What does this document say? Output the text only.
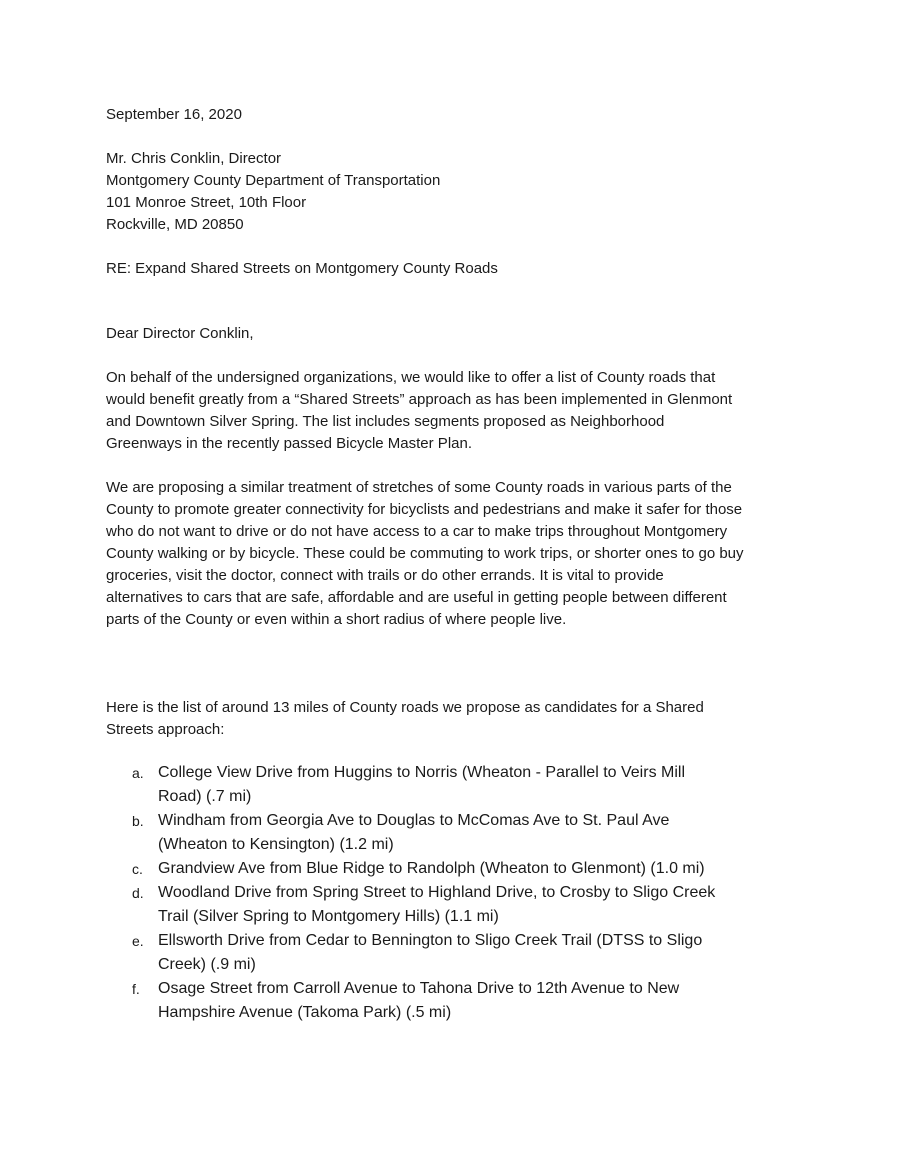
September 16, 2020
Mr. Chris Conklin, Director
Montgomery County Department of Transportation
101 Monroe Street, 10th Floor
Rockville, MD 20850
RE: Expand Shared Streets on Montgomery County Roads
Dear Director Conklin,
On behalf of the undersigned organizations, we would like to offer a list of County roads that
would benefit greatly from a “Shared Streets” approach as has been implemented in Glenmont
and Downtown Silver Spring. The list includes segments proposed as Neighborhood
Greenways in the recently passed Bicycle Master Plan.
We are proposing a similar treatment of stretches of some County roads in various parts of the
County to promote greater connectivity for bicyclists and pedestrians and make it safer for those
who do not want to drive or do not have access to a car to make trips throughout Montgomery
County walking or by bicycle. These could be commuting to work trips, or shorter ones to go buy
groceries, visit the doctor, connect with trails or do other errands. It is vital to provide
alternatives to cars that are safe, affordable and are useful in getting people between different
parts of the County or even within a short radius of where people live.
Here is the list of around 13 miles of County roads we propose as candidates for a Shared
Streets approach:
a. College View Drive from Huggins to Norris (Wheaton - Parallel to Veirs Mill
Road) (.7 mi)
b. Windham from Georgia Ave to Douglas to McComas Ave to St. Paul Ave
(Wheaton to Kensington) (1.2 mi)
c. Grandview Ave from Blue Ridge to Randolph (Wheaton to Glenmont) (1.0 mi)
d. Woodland Drive from Spring Street to Highland Drive, to Crosby to Sligo Creek
Trail (Silver Spring to Montgomery Hills) (1.1 mi)
e. Ellsworth Drive from Cedar to Bennington to Sligo Creek Trail (DTSS to Sligo
Creek) (.9 mi)
f. Osage Street from Carroll Avenue to Tahona Drive to 12th Avenue to New
Hampshire Avenue (Takoma Park) (.5 mi)
